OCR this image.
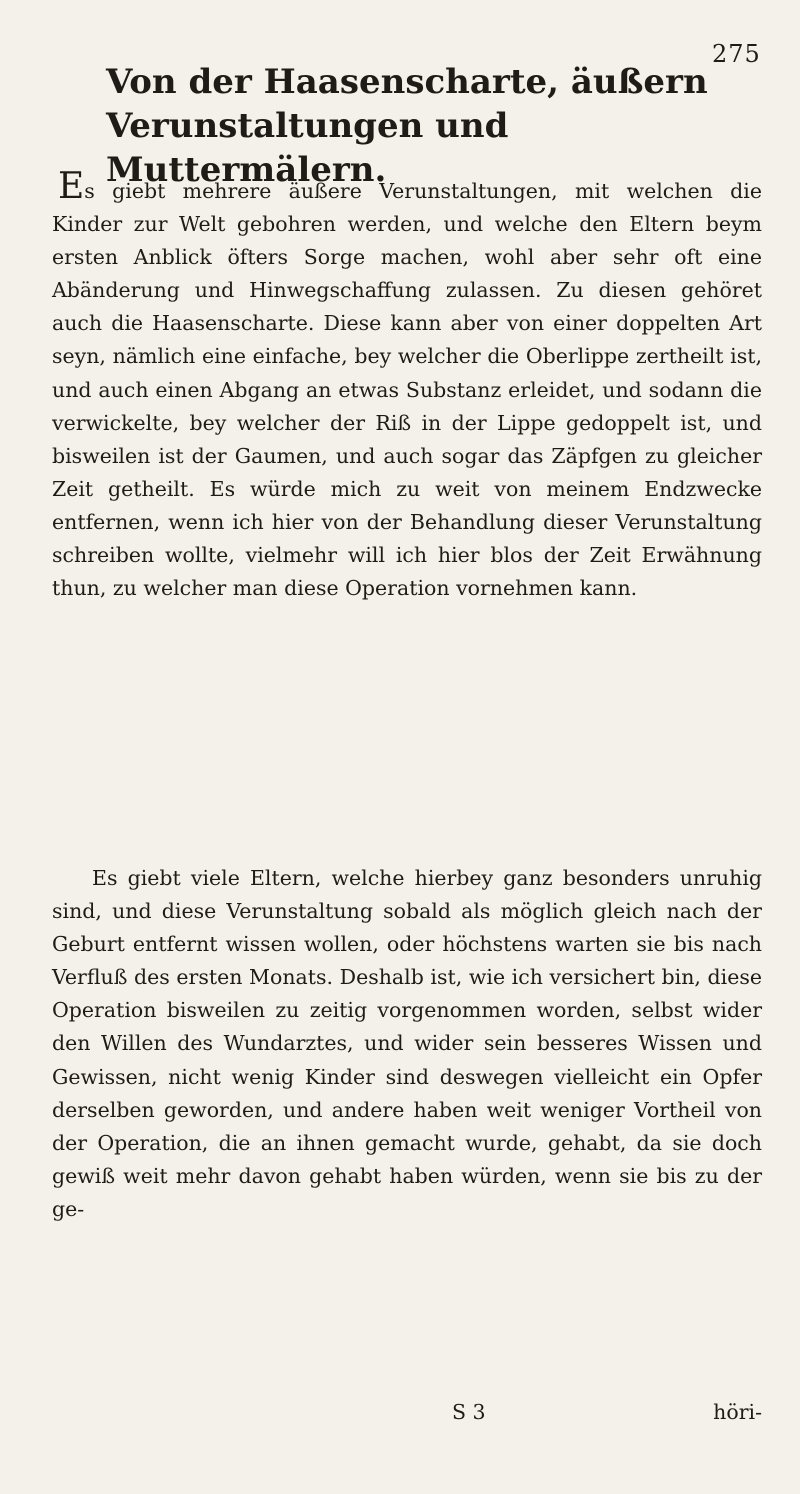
275
Von der Haasenscharte, äußern Verunstaltungen und Muttermälern.

Es giebt mehrere äußere Verunstaltungen, mit welchen die Kinder zur Welt gebohren werden, und welche den Eltern beym ersten Anblick öfters Sorge machen, wohl aber sehr oft eine Abänderung und Hinwegschaffung zulassen. Zu diesen gehöret auch die Haasenscharte. Diese kann aber von einer doppelten Art seyn, nämlich eine einfache, bey welcher die Oberlippe zertheilt ist, und auch einen Abgang an etwas Substanz erleidet, und sodann die verwickelte, bey welcher der Riß in der Lippe gedoppelt ist, und bisweilen ist der Gaumen, und auch sogar das Zäpfgen zu gleicher Zeit getheilt. Es würde mich zu weit von meinem Endzwecke entfernen, wenn ich hier von der Behandlung dieser Verunstaltung schreiben wollte, vielmehr will ich hier blos der Zeit Erwähnung thun, zu welcher man diese Operation vornehmen kann.

Es giebt viele Eltern, welche hierbey ganz besonders unruhig sind, und diese Verunstaltung sobald als möglich gleich nach der Geburt entfernt wissen wollen, oder höchstens warten sie bis nach Verfluß des ersten Monats. Deshalb ist, wie ich versichert bin, diese Operation bisweilen zu zeitig vorgenommen worden, selbst wider den Willen des Wundarztes, und wider sein besseres Wissen und Gewissen, nicht wenig Kinder sind deswegen vielleicht ein Opfer derselben geworden, und andere haben weit weniger Vortheil von der Operation, die an ihnen gemacht wurde, gehabt, da sie doch gewiß weit mehr davon gehabt haben würden, wenn sie bis zu der ge-

S 3	höri-
